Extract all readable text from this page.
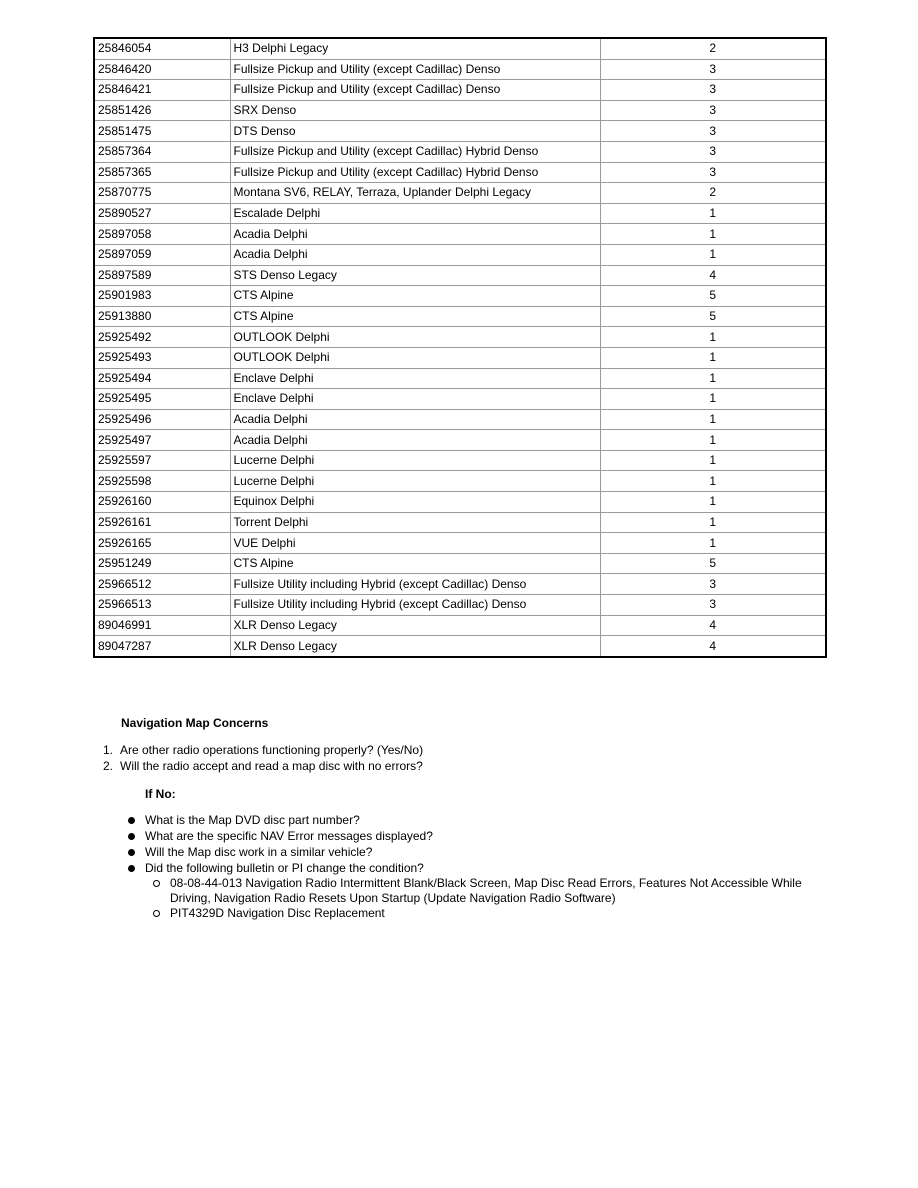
25846054	H3 Delphi Legacy	2
25846420	Fullsize Pickup and Utility (except Cadillac) Denso	3
25846421	Fullsize Pickup and Utility (except Cadillac) Denso	3
25851426	SRX Denso	3
25851475	DTS Denso	3
25857364	Fullsize Pickup and Utility (except Cadillac) Hybrid Denso	3
25857365	Fullsize Pickup and Utility (except Cadillac) Hybrid Denso	3
25870775	Montana SV6, RELAY, Terraza, Uplander Delphi Legacy	2
25890527	Escalade Delphi	1
25897058	Acadia Delphi	1
25897059	Acadia Delphi	1
25897589	STS Denso Legacy	4
25901983	CTS Alpine	5
25913880	CTS Alpine	5
25925492	OUTLOOK Delphi	1
25925493	OUTLOOK Delphi	1
25925494	Enclave Delphi	1
25925495	Enclave Delphi	1
25925496	Acadia Delphi	1
25925497	Acadia Delphi	1
25925597	Lucerne Delphi	1
25925598	Lucerne Delphi	1
25926160	Equinox Delphi	1
25926161	Torrent Delphi	1
25926165	VUE Delphi	1
25951249	CTS Alpine	5
25966512	Fullsize Utility including Hybrid (except Cadillac) Denso	3
25966513	Fullsize Utility including Hybrid (except Cadillac) Denso	3
89046991	XLR Denso Legacy	4
89047287	XLR Denso Legacy	4
Navigation Map Concerns
1. Are other radio operations functioning properly? (Yes/No)
2. Will the radio accept and read a map disc with no errors?
If No:
What is the Map DVD disc part number?
What are the specific NAV Error messages displayed?
Will the Map disc work in a similar vehicle?
Did the following bulletin or PI change the condition?
08-08-44-013 Navigation Radio Intermittent Blank/Black Screen, Map Disc Read Errors, Features Not Accessible While Driving, Navigation Radio Resets Upon Startup (Update Navigation Radio Software)
PIT4329D Navigation Disc Replacement
